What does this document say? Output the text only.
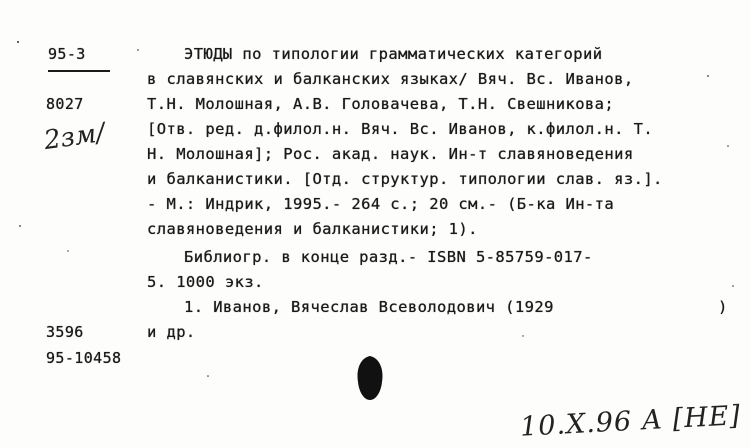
95-3
8027
2зм/
ЭТЮДЫ по типологии грамматических категорий
в славянских и балканских языках/ Вяч. Вс. Иванов,
Т.Н. Молошная, А.В. Головачева, Т.Н. Свешникова;
[Отв. ред. д.филол.н. Вяч. Вс. Иванов, к.филол.н. Т.
Н. Молошная]; Рос. акад. наук. Ин-т славяноведения
и балканистики. [Отд. структур. типологии слав. яз.].
- М.: Индрик, 1995.- 264 с.; 20 см.- (Б-ка Ин-та
славяноведения и балканистики; 1).
Библиогр. в конце разд.- ISBN 5-85759-017-
5. 1000 экз.
1. Иванов, Вячеслав Всеволодович (1929	)
и др.
3596
95-10458
10.Х.96 А [НЕ]
